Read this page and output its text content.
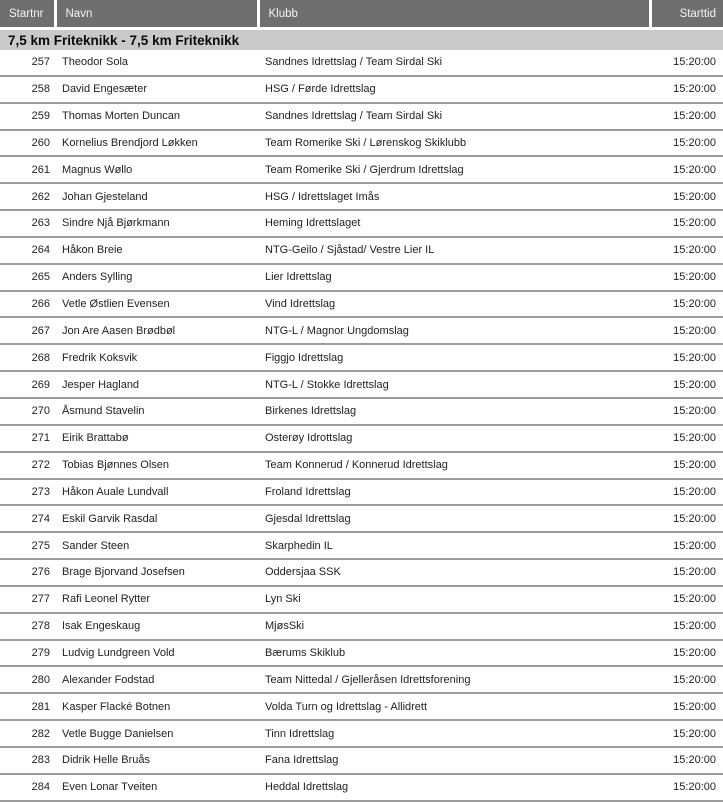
Startnr	Navn	Klubb	Starttid
7,5 km Friteknikk - 7,5 km Friteknikk			
257	Theodor Sola	Sandnes Idrettslag / Team Sirdal Ski	15:20:00
258	David Engesæter	HSG / Førde Idrettslag	15:20:00
259	Thomas Morten Duncan	Sandnes Idrettslag / Team Sirdal Ski	15:20:00
260	Kornelius Brendjord Løkken	Team Romerike Ski / Lørenskog Skiklubb	15:20:00
261	Magnus Wøllo	Team Romerike Ski / Gjerdrum Idrettslag	15:20:00
262	Johan Gjesteland	HSG / Idrettslaget Imås	15:20:00
263	Sindre Njå Bjørkmann	Heming Idrettslaget	15:20:00
264	Håkon Breie	NTG-Geilo / Sjåstad/ Vestre Lier IL	15:20:00
265	Anders Sylling	Lier Idrettslag	15:20:00
266	Vetle Østlien Evensen	Vind Idrettslag	15:20:00
267	Jon Are Aasen Brødbøl	NTG-L / Magnor Ungdomslag	15:20:00
268	Fredrik Koksvik	Figgjo Idrettslag	15:20:00
269	Jesper Hagland	NTG-L / Stokke Idrettslag	15:20:00
270	Åsmund Stavelin	Birkenes Idrettslag	15:20:00
271	Eirik Brattabø	Osterøy Idrottslag	15:20:00
272	Tobias Bjønnes Olsen	Team Konnerud / Konnerud Idrettslag	15:20:00
273	Håkon Auale Lundvall	Froland Idrettslag	15:20:00
274	Eskil Garvik Rasdal	Gjesdal Idrettslag	15:20:00
275	Sander Steen	Skarphedin IL	15:20:00
276	Brage Bjorvand Josefsen	Oddersjaa SSK	15:20:00
277	Rafi Leonel Rytter	Lyn Ski	15:20:00
278	Isak Engeskaug	MjøsSki	15:20:00
279	Ludvig Lundgreen Vold	Bærums Skiklub	15:20:00
280	Alexander Fodstad	Team Nittedal / Gjelleråsen Idrettsforening	15:20:00
281	Kasper Flacké Botnen	Volda Turn og Idrettslag - Allidrett	15:20:00
282	Vetle Bugge Danielsen	Tinn Idrettslag	15:20:00
283	Didrik Helle Bruås	Fana Idrettslag	15:20:00
284	Even Lonar Tveiten	Heddal Idrettslag	15:20:00
